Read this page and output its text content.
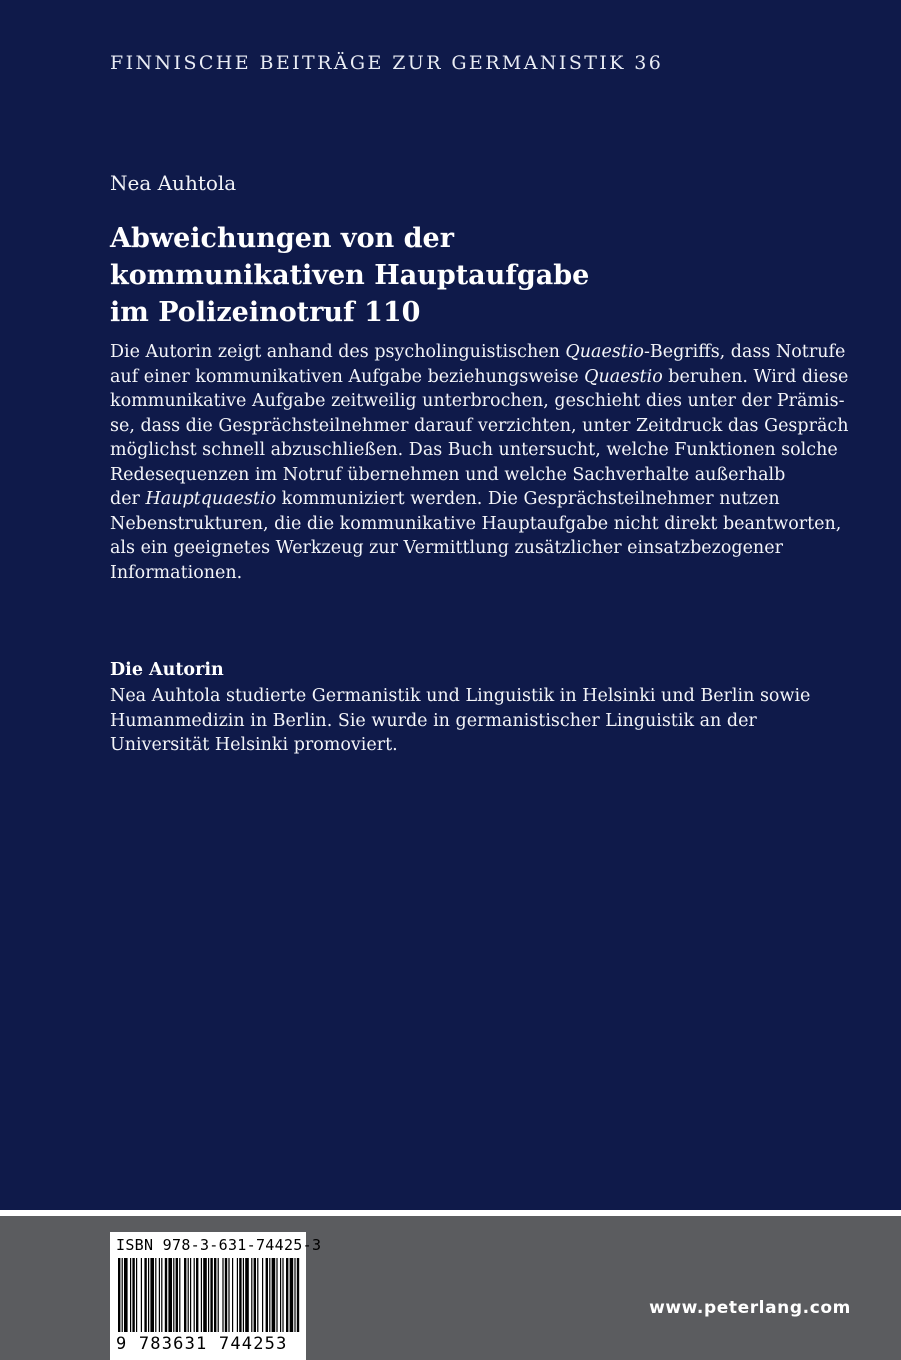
FINNISCHE BEITRÄGE ZUR GERMANISTIK 36
Nea Auhtola
Abweichungen von der
kommunikativen Hauptaufgabe
im Polizeinotruf 110
Die Autorin zeigt anhand des psycholinguistischen Quaestio-Begriffs, dass Notrufe
auf einer kommunikativen Aufgabe beziehungsweise Quaestio beruhen. Wird diese
kommunikative Aufgabe zeitweilig unterbrochen, geschieht dies unter der Prämis-
se, dass die Gesprächsteilnehmer darauf verzichten, unter Zeitdruck das Gespräch
möglichst schnell abzuschließen. Das Buch untersucht, welche Funktionen solche
Redesequenzen im Notruf übernehmen und welche Sachverhalte außerhalb
der Hauptquaestio kommuniziert werden. Die Gesprächsteilnehmer nutzen
Nebenstrukturen, die die kommunikative Hauptaufgabe nicht direkt beantworten,
als ein geeignetes Werkzeug zur Vermittlung zusätzlicher einsatzbezogener
Informationen.
Die Autorin
Nea Auhtola studierte Germanistik und Linguistik in Helsinki und Berlin sowie
Humanmedizin in Berlin. Sie wurde in germanistischer Linguistik an der
Universität Helsinki promoviert.
ISBN 978-3-631-74425-3
9 783631 744253
www.peterlang.com
